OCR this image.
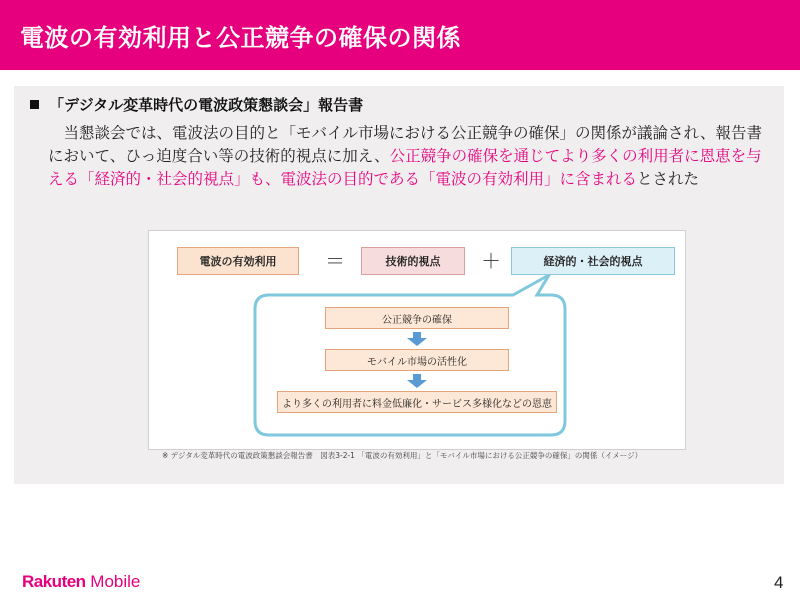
電波の有効利用と公正競争の確保の関係
「デジタル変革時代の電波政策懇談会」報告書
　当懇談会では、電波法の目的と「モバイル市場における公正競争の確保」の関係が議論され、報告書において、ひっ迫度合い等の技術的視点に加え、公正競争の確保を通じてより多くの利用者に恩恵を与える「経済的・社会的視点」も、電波法の目的である「電波の有効利用」に含まれるとされた
電波の有効利用	＝	技術的視点	＋	経済的・社会的視点
公正競争の確保
モバイル市場の活性化
より多くの利用者に料金低廉化・サービス多様化などの恩恵
※ デジタル変革時代の電波政策懇談会報告書　図表3-2-1 「電波の有効利用」と「モバイル市場における公正競争の確保」の関係（イメージ）
Rakuten Mobile	4
